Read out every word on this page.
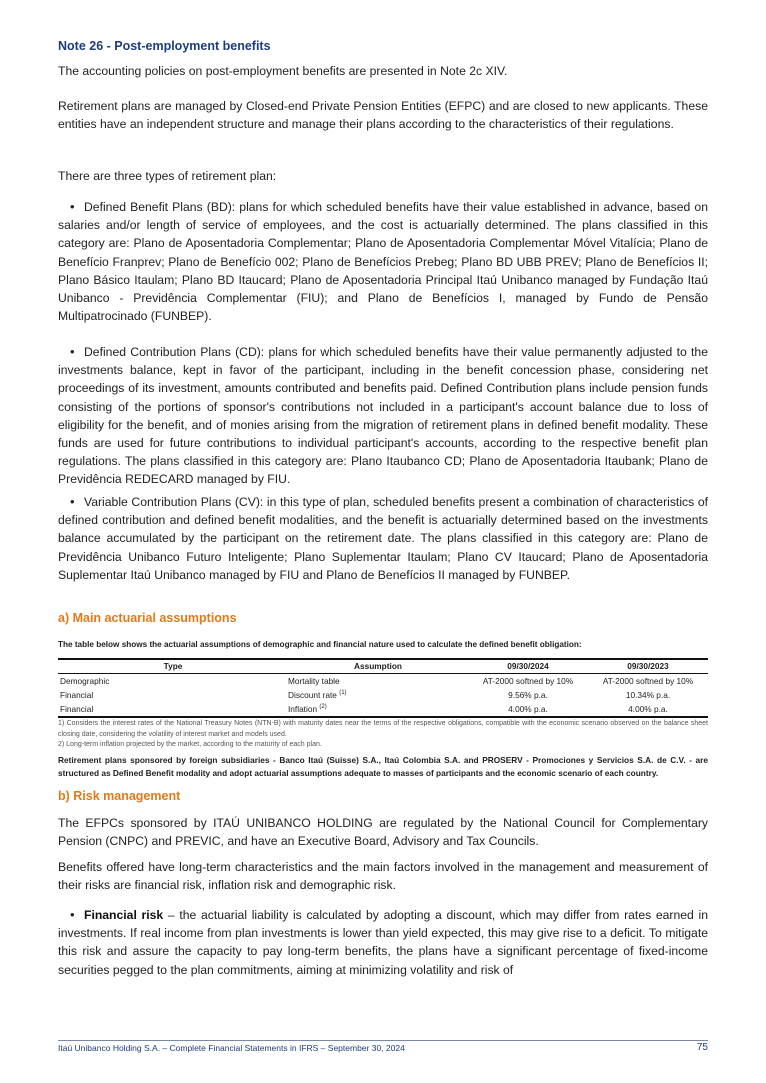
Note 26 - Post-employment benefits

The accounting policies on post-employment benefits are presented in Note 2c XIV.

Retirement plans are managed by Closed-end Private Pension Entities (EFPC) and are closed to new applicants. These entities have an independent structure and manage their plans according to the characteristics of their regulations.

There are three types of retirement plan:

• Defined Benefit Plans (BD): plans for which scheduled benefits have their value established in advance, based on salaries and/or length of service of employees, and the cost is actuarially determined. The plans classified in this category are: Plano de Aposentadoria Complementar; Plano de Aposentadoria Complementar Móvel Vitalícia; Plano de Benefício Franprev; Plano de Benefício 002; Plano de Benefícios Prebeg; Plano BD UBB PREV; Plano de Benefícios II; Plano Básico Itaulam; Plano BD Itaucard; Plano de Aposentadoria Principal Itaú Unibanco managed by Fundação Itaú Unibanco - Previdência Complementar (FIU); and Plano de Benefícios I, managed by Fundo de Pensão Multipatrocinado (FUNBEP).

• Defined Contribution Plans (CD): plans for which scheduled benefits have their value permanently adjusted to the investments balance, kept in favor of the participant, including in the benefit concession phase, considering net proceedings of its investment, amounts contributed and benefits paid. Defined Contribution plans include pension funds consisting of the portions of sponsor's contributions not included in a participant's account balance due to loss of eligibility for the benefit, and of monies arising from the migration of retirement plans in defined benefit modality. These funds are used for future contributions to individual participant's accounts, according to the respective benefit plan regulations. The plans classified in this category are: Plano Itaubanco CD; Plano de Aposentadoria Itaubank; Plano de Previdência REDECARD managed by FIU.

• Variable Contribution Plans (CV): in this type of plan, scheduled benefits present a combination of characteristics of defined contribution and defined benefit modalities, and the benefit is actuarially determined based on the investments balance accumulated by the participant on the retirement date. The plans classified in this category are: Plano de Previdência Unibanco Futuro Inteligente; Plano Suplementar Itaulam; Plano CV Itaucard; Plano de Aposentadoria Suplementar Itaú Unibanco managed by FIU and Plano de Benefícios II managed by FUNBEP.

a) Main actuarial assumptions
The table below shows the actuarial assumptions of demographic and financial nature used to calculate the defined benefit obligation:
Type	Assumption	09/30/2024	09/30/2023
Demographic	Mortality table	AT-2000 softned by 10%	AT-2000 softned by 10%
Financial	Discount rate $^{(1)}$	9.56% p.a.	10.34% p.a.
Financial	Inflation $^{(2)}$	4.00% p.a.	4.00% p.a.

1) Considers the interest rates of the National Treasury Notes (NTN-B) with maturity dates near the terms of the respective obligations, compatible with the economic scenario observed on the balance sheet closing date, considering the volatility of interest market and models used.

2) Long-term inflation projected by the market, according to the maturity of each plan.

Retirement plans sponsored by foreign subsidiaries - Banco Itaú (Suisse) S.A., Itaú Colombia S.A. and PROSERV - Promociones y Servicios S.A. de C.V. - are structured as Defined Benefit modality and adopt actuarial assumptions adequate to masses of participants and the economic scenario of each country.

b) Risk management

The EFPCs sponsored by ITAÚ UNIBANCO HOLDING are regulated by the National Council for Complementary Pension (CNPC) and PREVIC, and have an Executive Board, Advisory and Tax Councils.

Benefits offered have long-term characteristics and the main factors involved in the management and measurement of their risks are financial risk, inflation risk and demographic risk.

• Financial risk – the actuarial liability is calculated by adopting a discount, which may differ from rates earned in investments. If real income from plan investments is lower than yield expected, this may give rise to a deficit. To mitigate this risk and assure the capacity to pay long-term benefits, the plans have a significant percentage of fixed-income securities pegged to the plan commitments, aiming at minimizing volatility and risk of

Itaú Unibanco Holding S.A. – Complete Financial Statements in IFRS – September 30, 2024	75
